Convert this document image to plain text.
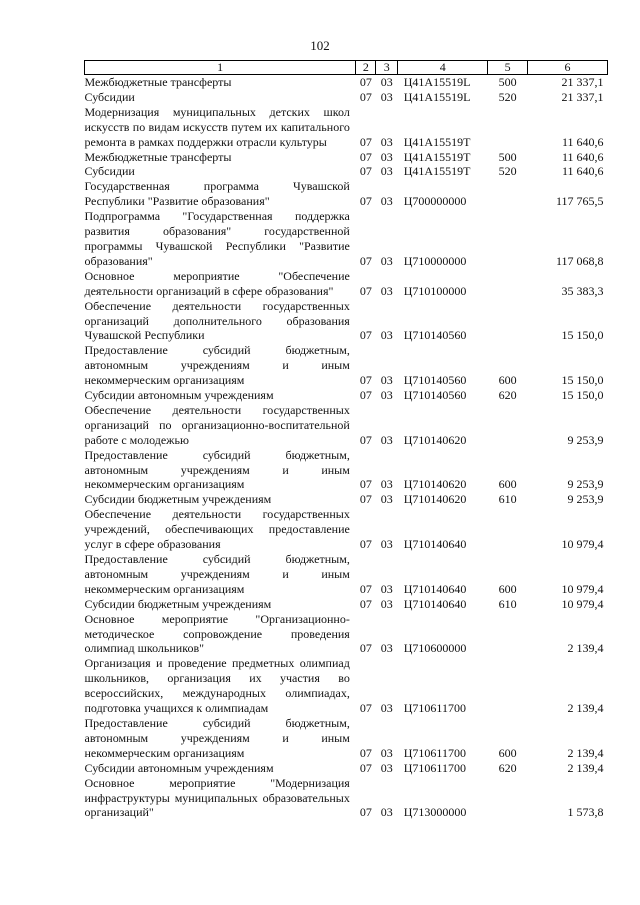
102
1	2	3	4	5	6
Межбюджетные трансферты	07	03	Ц41A15519L	500	21 337,1
Субсидии	07	03	Ц41A15519L	520	21 337,1
Модернизация муниципальных детских школ искусств по видам искусств путем их капитального ремонта в рамках поддержки отрасли культуры	07	03	Ц41A15519Т		11 640,6
Межбюджетные трансферты	07	03	Ц41A15519Т	500	11 640,6
Субсидии	07	03	Ц41A15519Т	520	11 640,6
Государственная программа Чувашской Республики "Развитие образования"	07	03	Ц700000000		117 765,5
Подпрограмма "Государственная поддержка развития образования" государственной программы Чувашской Республики "Развитие образования"	07	03	Ц710000000		117 068,8
Основное мероприятие "Обеспечение деятельности организаций в сфере образования"	07	03	Ц710100000		35 383,3
Обеспечение деятельности государственных организаций дополнительного образования Чувашской Республики	07	03	Ц710140560		15 150,0
Предоставление субсидий бюджетным, автономным учреждениям и иным некоммерческим организациям	07	03	Ц710140560	600	15 150,0
Субсидии автономным учреждениям	07	03	Ц710140560	620	15 150,0
Обеспечение деятельности государственных организаций по организационно-воспитательной работе с молодежью	07	03	Ц710140620		9 253,9
Предоставление субсидий бюджетным, автономным учреждениям и иным некоммерческим организациям	07	03	Ц710140620	600	9 253,9
Субсидии бюджетным учреждениям	07	03	Ц710140620	610	9 253,9
Обеспечение деятельности государственных учреждений, обеспечивающих предоставление услуг в сфере образования	07	03	Ц710140640		10 979,4
Предоставление субсидий бюджетным, автономным учреждениям и иным некоммерческим организациям	07	03	Ц710140640	600	10 979,4
Субсидии бюджетным учреждениям	07	03	Ц710140640	610	10 979,4
Основное мероприятие "Организационно-методическое сопровождение проведения олимпиад школьников"	07	03	Ц710600000		2 139,4
Организация и проведение предметных олимпиад школьников, организация их участия во всероссийских, международных олимпиадах, подготовка учащихся к олимпиадам	07	03	Ц710611700		2 139,4
Предоставление субсидий бюджетным, автономным учреждениям и иным некоммерческим организациям	07	03	Ц710611700	600	2 139,4
Субсидии автономным учреждениям	07	03	Ц710611700	620	2 139,4
Основное мероприятие "Модернизация инфраструктуры муниципальных образовательных организаций"	07	03	Ц713000000		1 573,8
